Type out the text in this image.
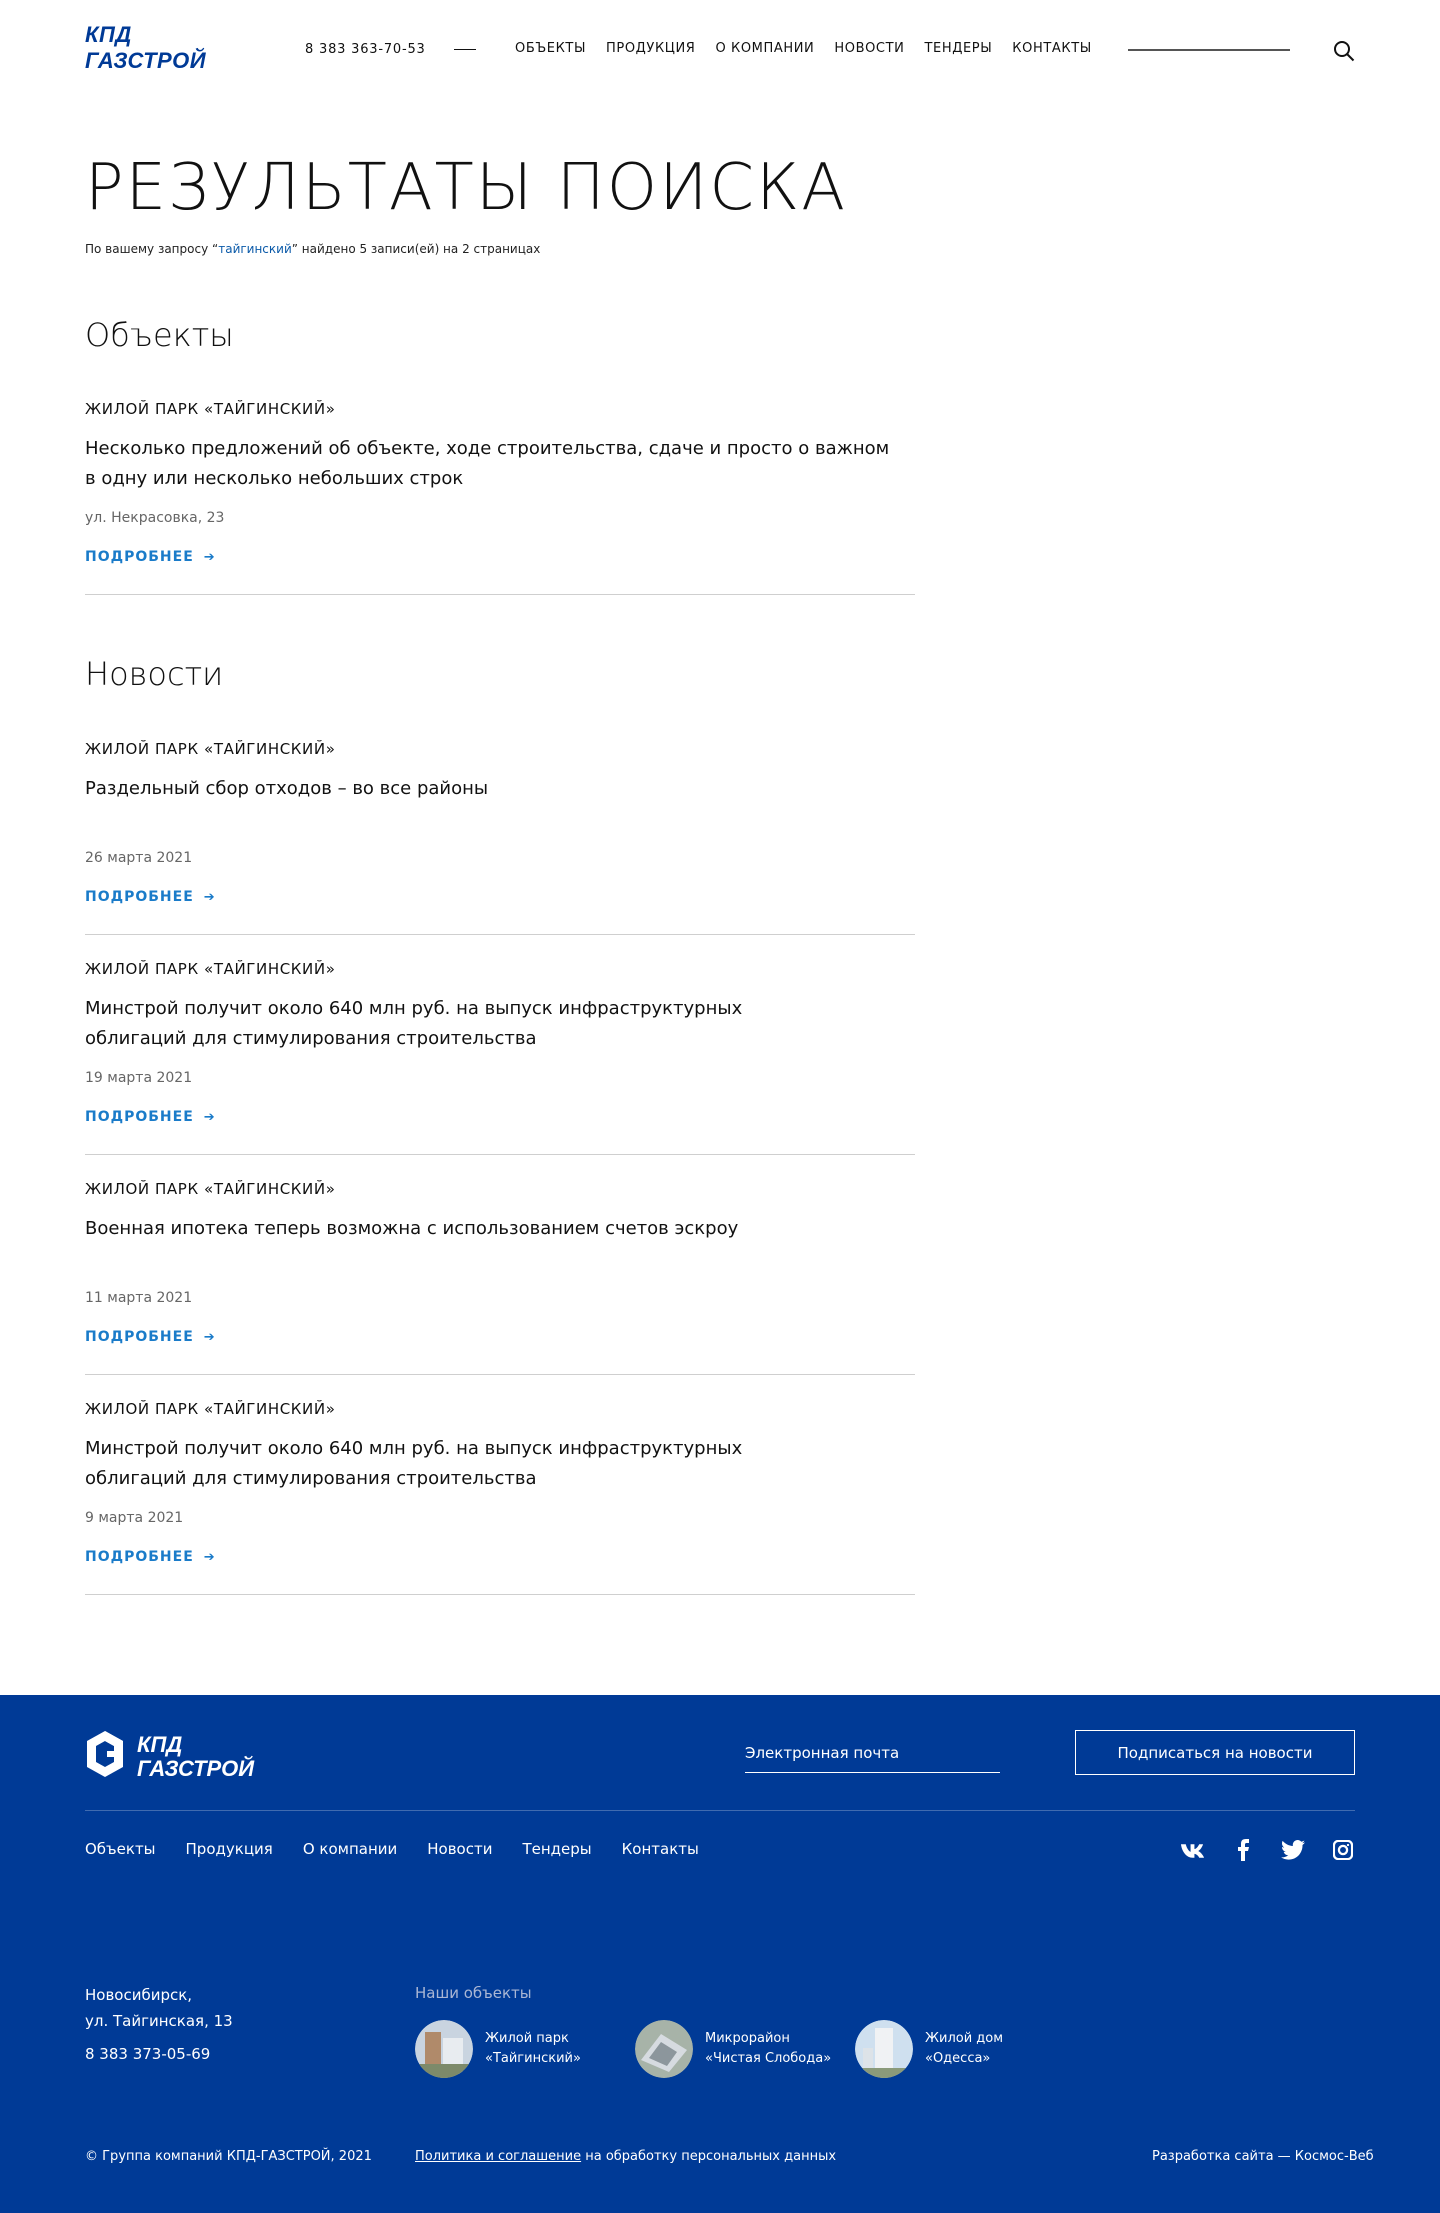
КПД
ГАЗСТРОЙ	8 383 363-70-53	ОБЪЕКТЫ ПРОДУКЦИЯ О КОМПАНИИ НОВОСТИ ТЕНДЕРЫ КОНТАКТЫ
РЕЗУЛЬТАТЫ ПОИСКА
По вашему запросу “тайгинский” найдено 5 записи(ей) на 2 страницах
Объекты
ЖИЛОЙ ПАРК «ТАЙГИНСКИЙ»
Несколько предложений об объекте, ходе строительства, сдаче и просто о важном в одну или несколько небольших строк
ул. Некрасовка, 23
ПОДРОБНЕЕ ➔
Новости
ЖИЛОЙ ПАРК «ТАЙГИНСКИЙ»
Раздельный сбор отходов – во все районы
26 марта 2021
ПОДРОБНЕЕ ➔
ЖИЛОЙ ПАРК «ТАЙГИНСКИЙ»
Минстрой получит около 640 млн руб. на выпуск инфраструктурных облигаций для стимулирования строительства
19 марта 2021
ПОДРОБНЕЕ ➔
ЖИЛОЙ ПАРК «ТАЙГИНСКИЙ»
Военная ипотека теперь возможна с использованием счетов эскроу
11 марта 2021
ПОДРОБНЕЕ ➔
ЖИЛОЙ ПАРК «ТАЙГИНСКИЙ»
Минстрой получит около 640 млн руб. на выпуск инфраструктурных облигаций для стимулирования строительства
9 марта 2021
ПОДРОБНЕЕ ➔
КПД
ГАЗСТРОЙ
Электронная почта
Подписаться на новости
Объекты Продукция О компании Новости Тендеры Контакты
Новосибирск,
ул. Тайгинская, 13
8 383 373-05-69
Наши объекты
Жилой парк
«Тайгинский»
Микрорайон
«Чистая Слобода»
Жилой дом
«Одесса»
© Группа компаний КПД-ГАЗСТРОЙ, 2021	Политика и соглашение на обработку персональных данных	Разработка сайта — Космос-Веб
